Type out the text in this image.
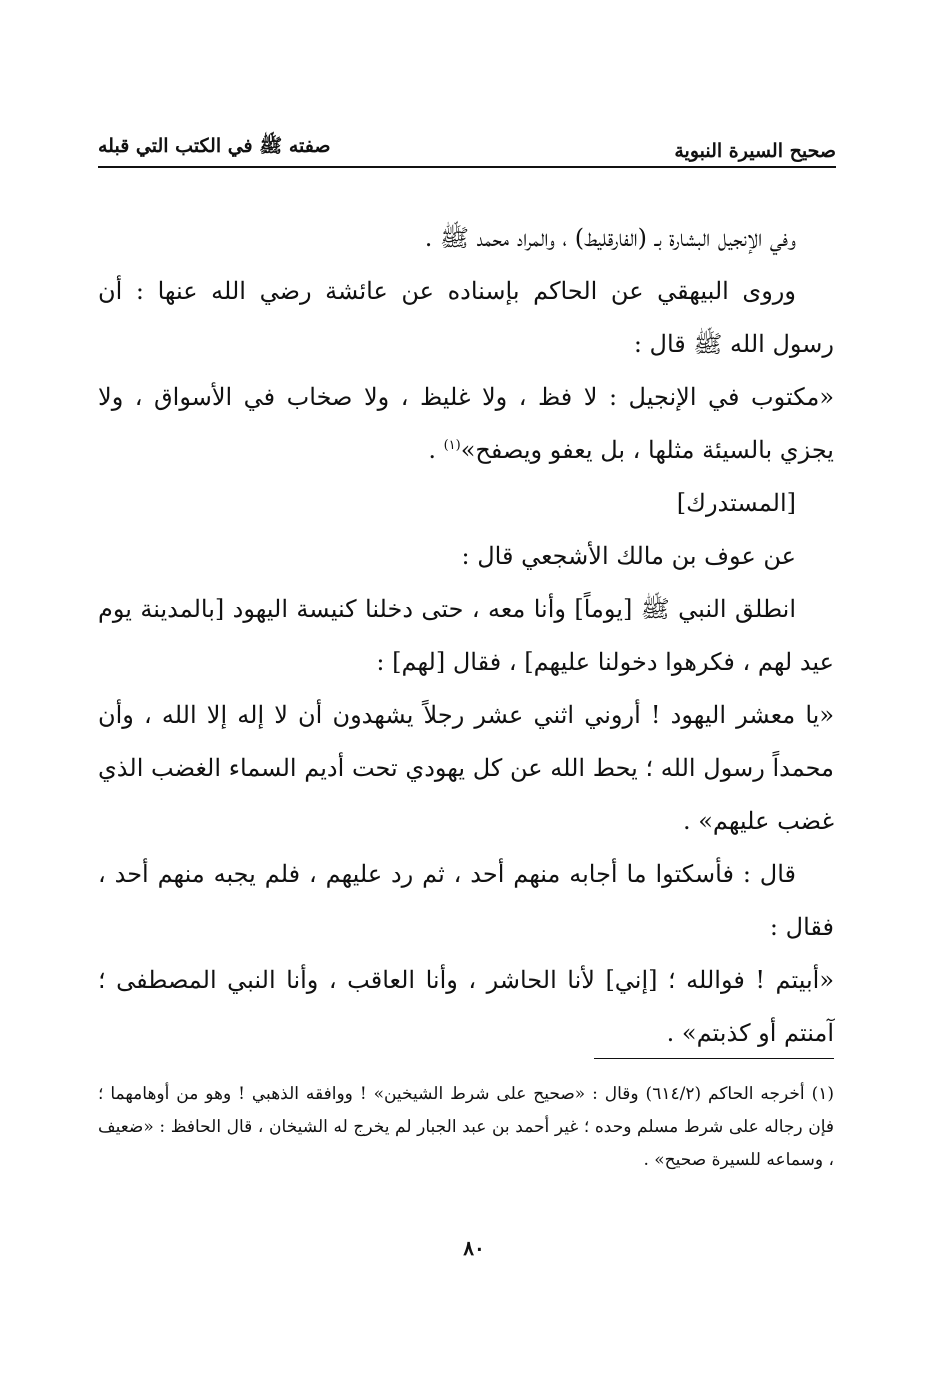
صحيح السيرة النبوية
صفته ﷺ في الكتب التي قبله

وفي الإنجيل البشارة بـ (الفارقليط) ، والمراد محمد ﷺ .

وروى البيهقي عن الحاكم بإسناده عن عائشة رضي الله عنها : أن رسول الله ﷺ قال :

«مكتوب في الإنجيل : لا فظ ، ولا غليظ ، ولا صخاب في الأسواق ، ولا يجزي بالسيئة مثلها ، بل يعفو ويصفح»$^{(١)}$ .

[المستدرك]

عن عوف بن مالك الأشجعي قال :

انطلق النبي ﷺ [يوماً] وأنا معه ، حتى دخلنا كنيسة اليهود [بالمدينة يوم عيد لهم ، فكرهوا دخولنا عليهم] ، فقال [لهم] :

«يا معشر اليهود ! أروني اثني عشر رجلاً يشهدون أن لا إله إلا الله ، وأن محمداً رسول الله ؛ يحط الله عن كل يهودي تحت أديم السماء الغضب الذي غضب عليهم» .

قال : فأسكتوا ما أجابه منهم أحد ، ثم رد عليهم ، فلم يجبه منهم أحد ، فقال :

«أبيتم ! فوالله ؛ [إني] لأنا الحاشر ، وأنا العاقب ، وأنا النبي المصطفى ؛ آمنتم أو كذبتم» .

(١) أخرجه الحاكم (٦١٤/٢) وقال : «صحيح على شرط الشيخين» ! ووافقه الذهبي ! وهو من أوهامهما ؛ فإن رجاله على شرط مسلم وحده ؛ غير أحمد بن عبد الجبار لم يخرج له الشيخان ، قال الحافظ : «ضعيف ، وسماعه للسيرة صحيح» .

٨٠
